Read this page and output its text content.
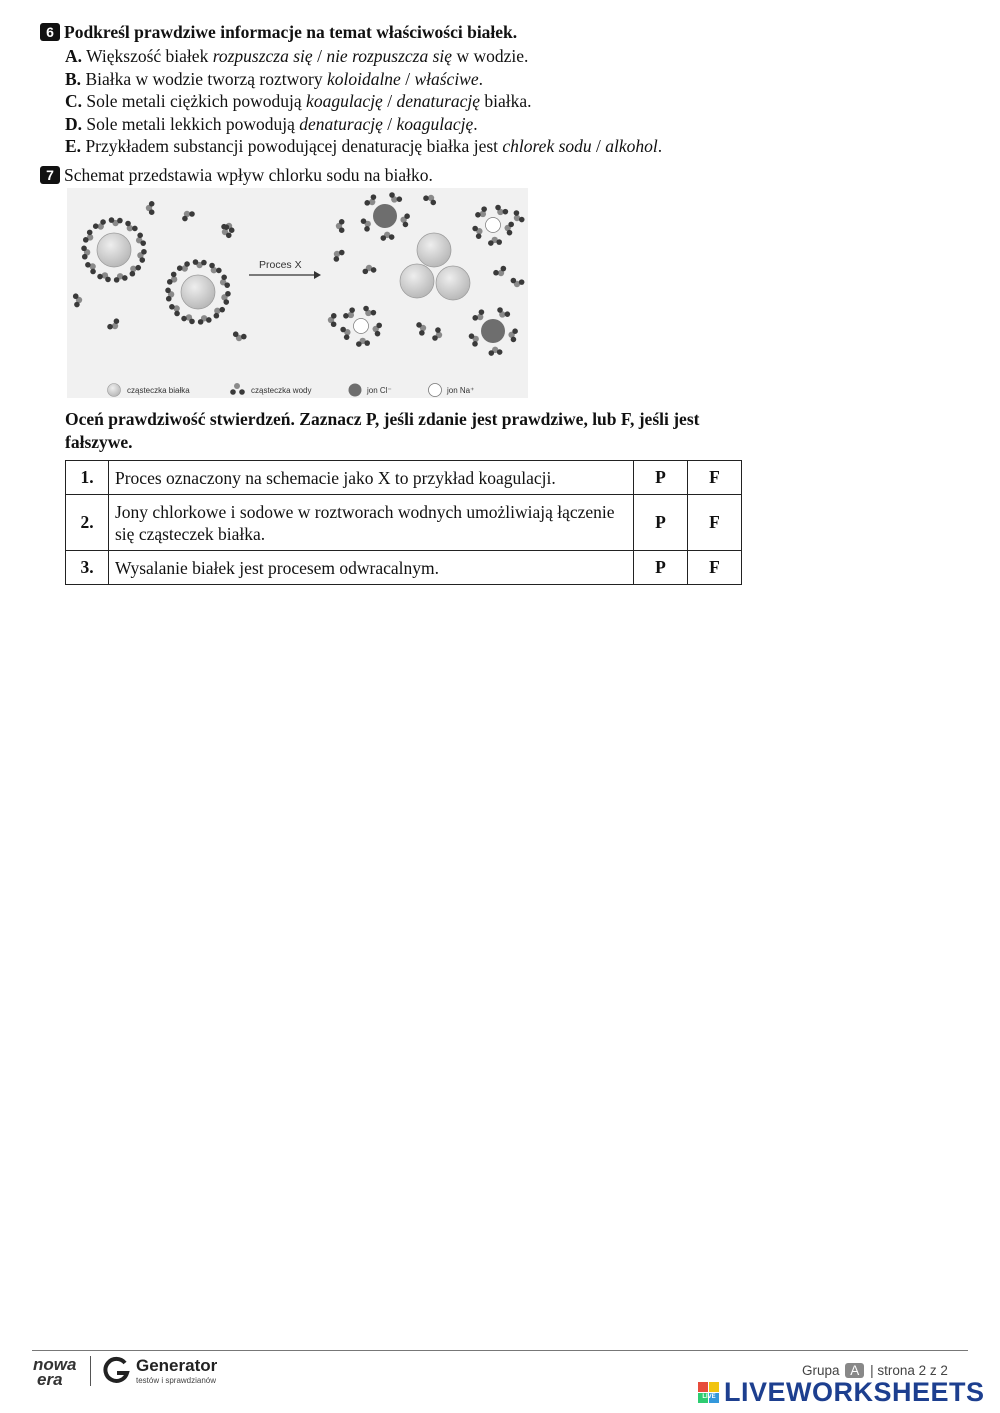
6 Podkreśl prawdziwe informacje na temat właściwości białek.
A. Większość białek rozpuszcza się / nie rozpuszcza się w wodzie.
B. Białka w wodzie tworzą roztwory koloidalne / właściwe.
C. Sole metali ciężkich powodują koagulację / denaturację białka.
D. Sole metali lekkich powodują denaturację / koagulację.
E. Przykładem substancji powodującej denaturację białka jest chlorek sodu / alkohol.
7 Schemat przedstawia wpływ chlorku sodu na białko.
Proces X
cząsteczka białka	cząsteczka wody	jon Cl⁻	jon Na⁺
Oceń prawdziwość stwierdzeń. Zaznacz P, jeśli zdanie jest prawdziwe, lub F, jeśli jest fałszywe.
1.	Proces oznaczony na schemacie jako X to przykład koagulacji.	P	F
2.	Jony chlorkowe i sodowe w roztworach wodnych umożliwiają łączenie się cząsteczek białka.	P	F
3.	Wysalanie białek jest procesem odwracalnym.	P	F
nowa
era
Generator
testów i sprawdzianów
Grupa A | strona 2 z 2
LIVE LIVEWORKSHEETS
